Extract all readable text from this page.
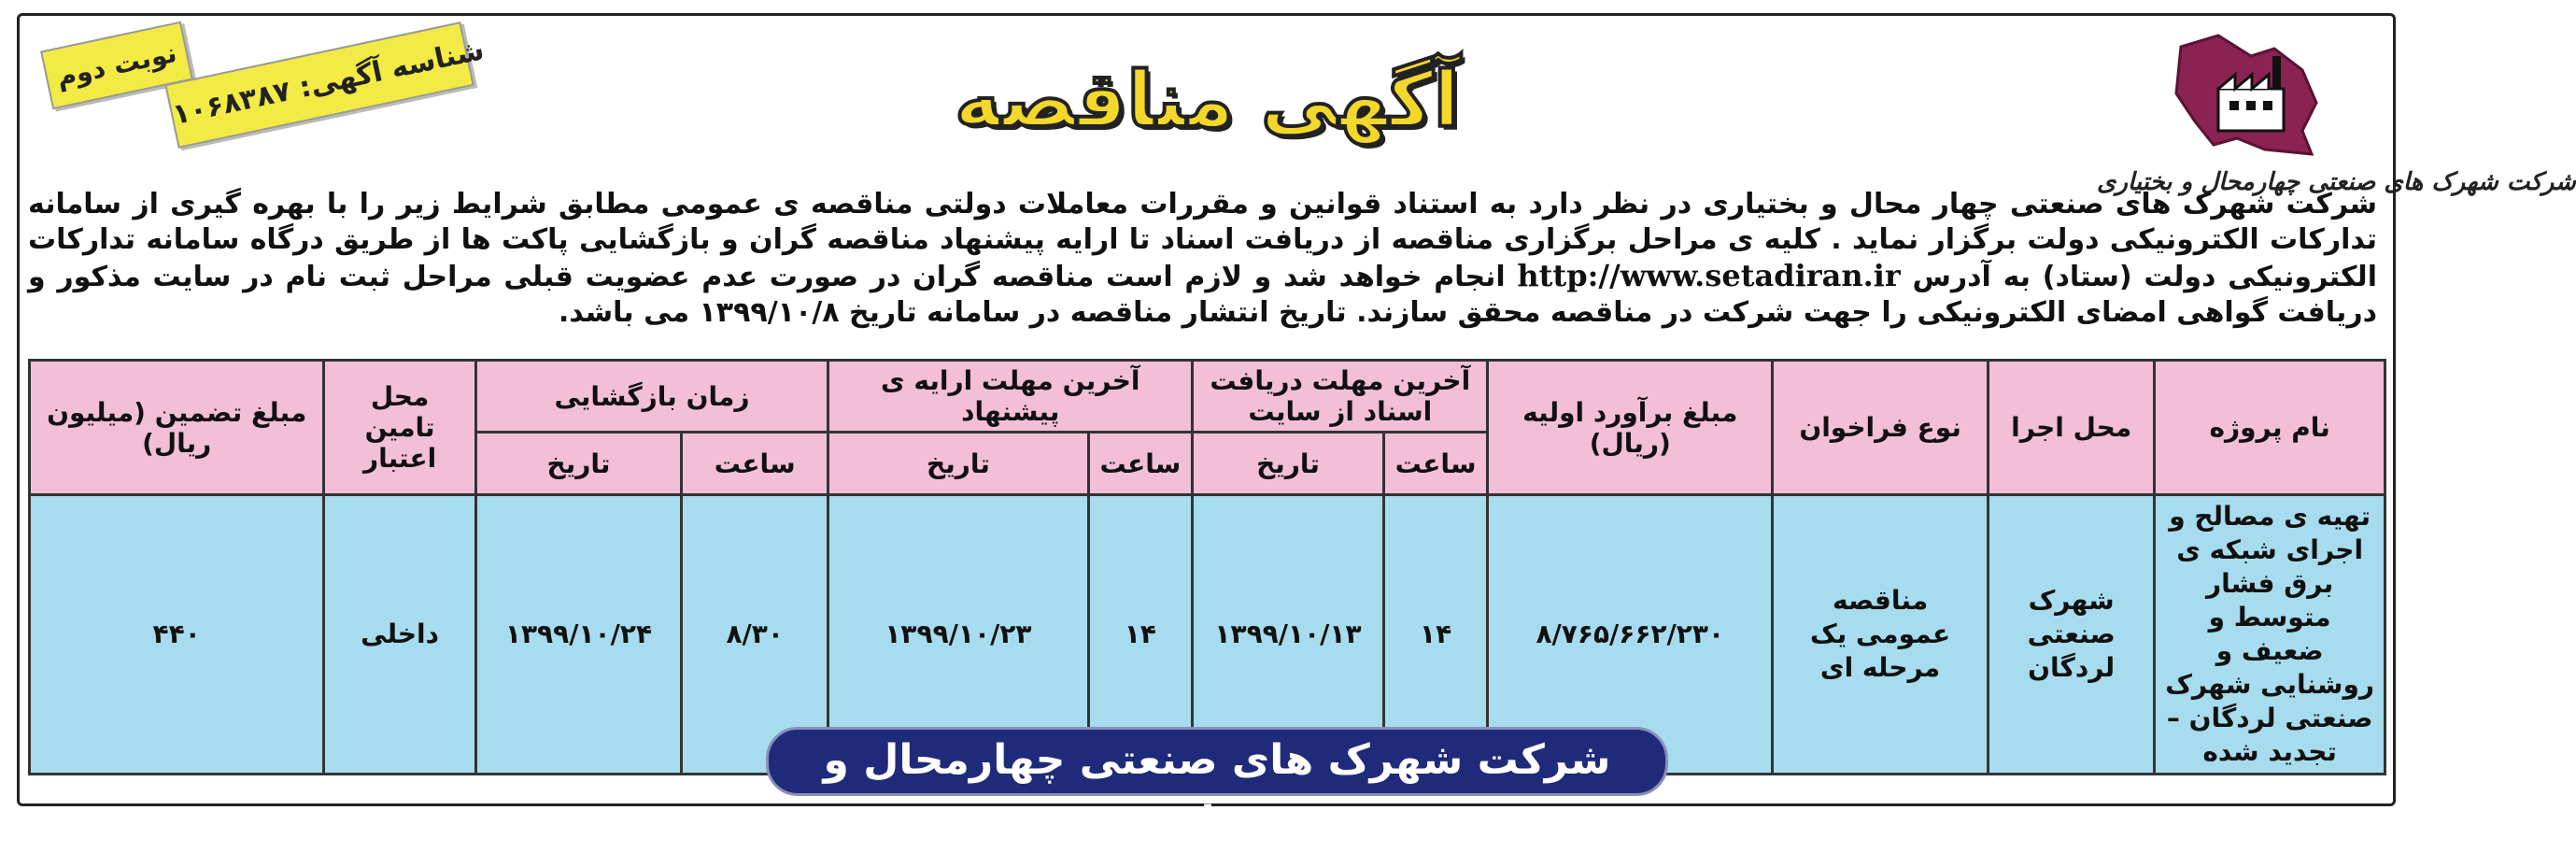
شرکت شهرک های صنعتی چهارمحال و بختیاری
آگهی مناقصه
نوبت دوم
شناسه آگهی: ۱۰۶۸۳۸۷
شرکت شهرک های صنعتی چهار محال و بختیاری در نظر دارد به استناد قوانین و مقررات معاملات دولتی مناقصه ی عمومی مطابق شرایط زیر را با بهره گیری از سامانه تدارکات الکترونیکی دولت برگزار نماید . کلیه ی مراحل برگزاری مناقصه از دریافت اسناد تا ارایه پیشنهاد مناقصه گران و بازگشایی پاکت ها از طریق درگاه سامانه تدارکات الکترونیکی دولت (ستاد) به آدرس http://www.setadiran.ir انجام خواهد شد و لازم است مناقصه گران در صورت عدم عضویت قبلی مراحل ثبت نام در سایت مذکور و دریافت گواهی امضای الکترونیکی را جهت شرکت در مناقصه محقق سازند. تاریخ انتشار مناقصه در سامانه تاریخ ۱۳۹۹/۱۰/۸ می باشد.
نام پروژه	محل اجرا	نوع فراخوان	مبلغ برآورد اولیه (ریال)	آخرین مهلت دریافت اسناد از سایت		آخرین مهلت ارایه ی پیشنهاد		زمان بازگشایی		محل تامین اعتبار	مبلغ تضمین (میلیون ریال)
				ساعت	تاریخ	ساعت	تاریخ	ساعت	تاریخ		
تهیه ی مصالح و اجرای شبکه ی برق فشار متوسط و ضعیف و روشنایی شهرک صنعتی لردگان – تجدید شده	شهرک صنعتی لردگان	مناقصه عمومی یک مرحله ای	۸/۷۶۵/۶۶۲/۲۳۰	۱۴	۱۳۹۹/۱۰/۱۳	۱۴	۱۳۹۹/۱۰/۲۳	۸/۳۰	۱۳۹۹/۱۰/۲۴	داخلی	۴۴۰
شرکت شهرک های صنعتی چهارمحال و بختیاری
